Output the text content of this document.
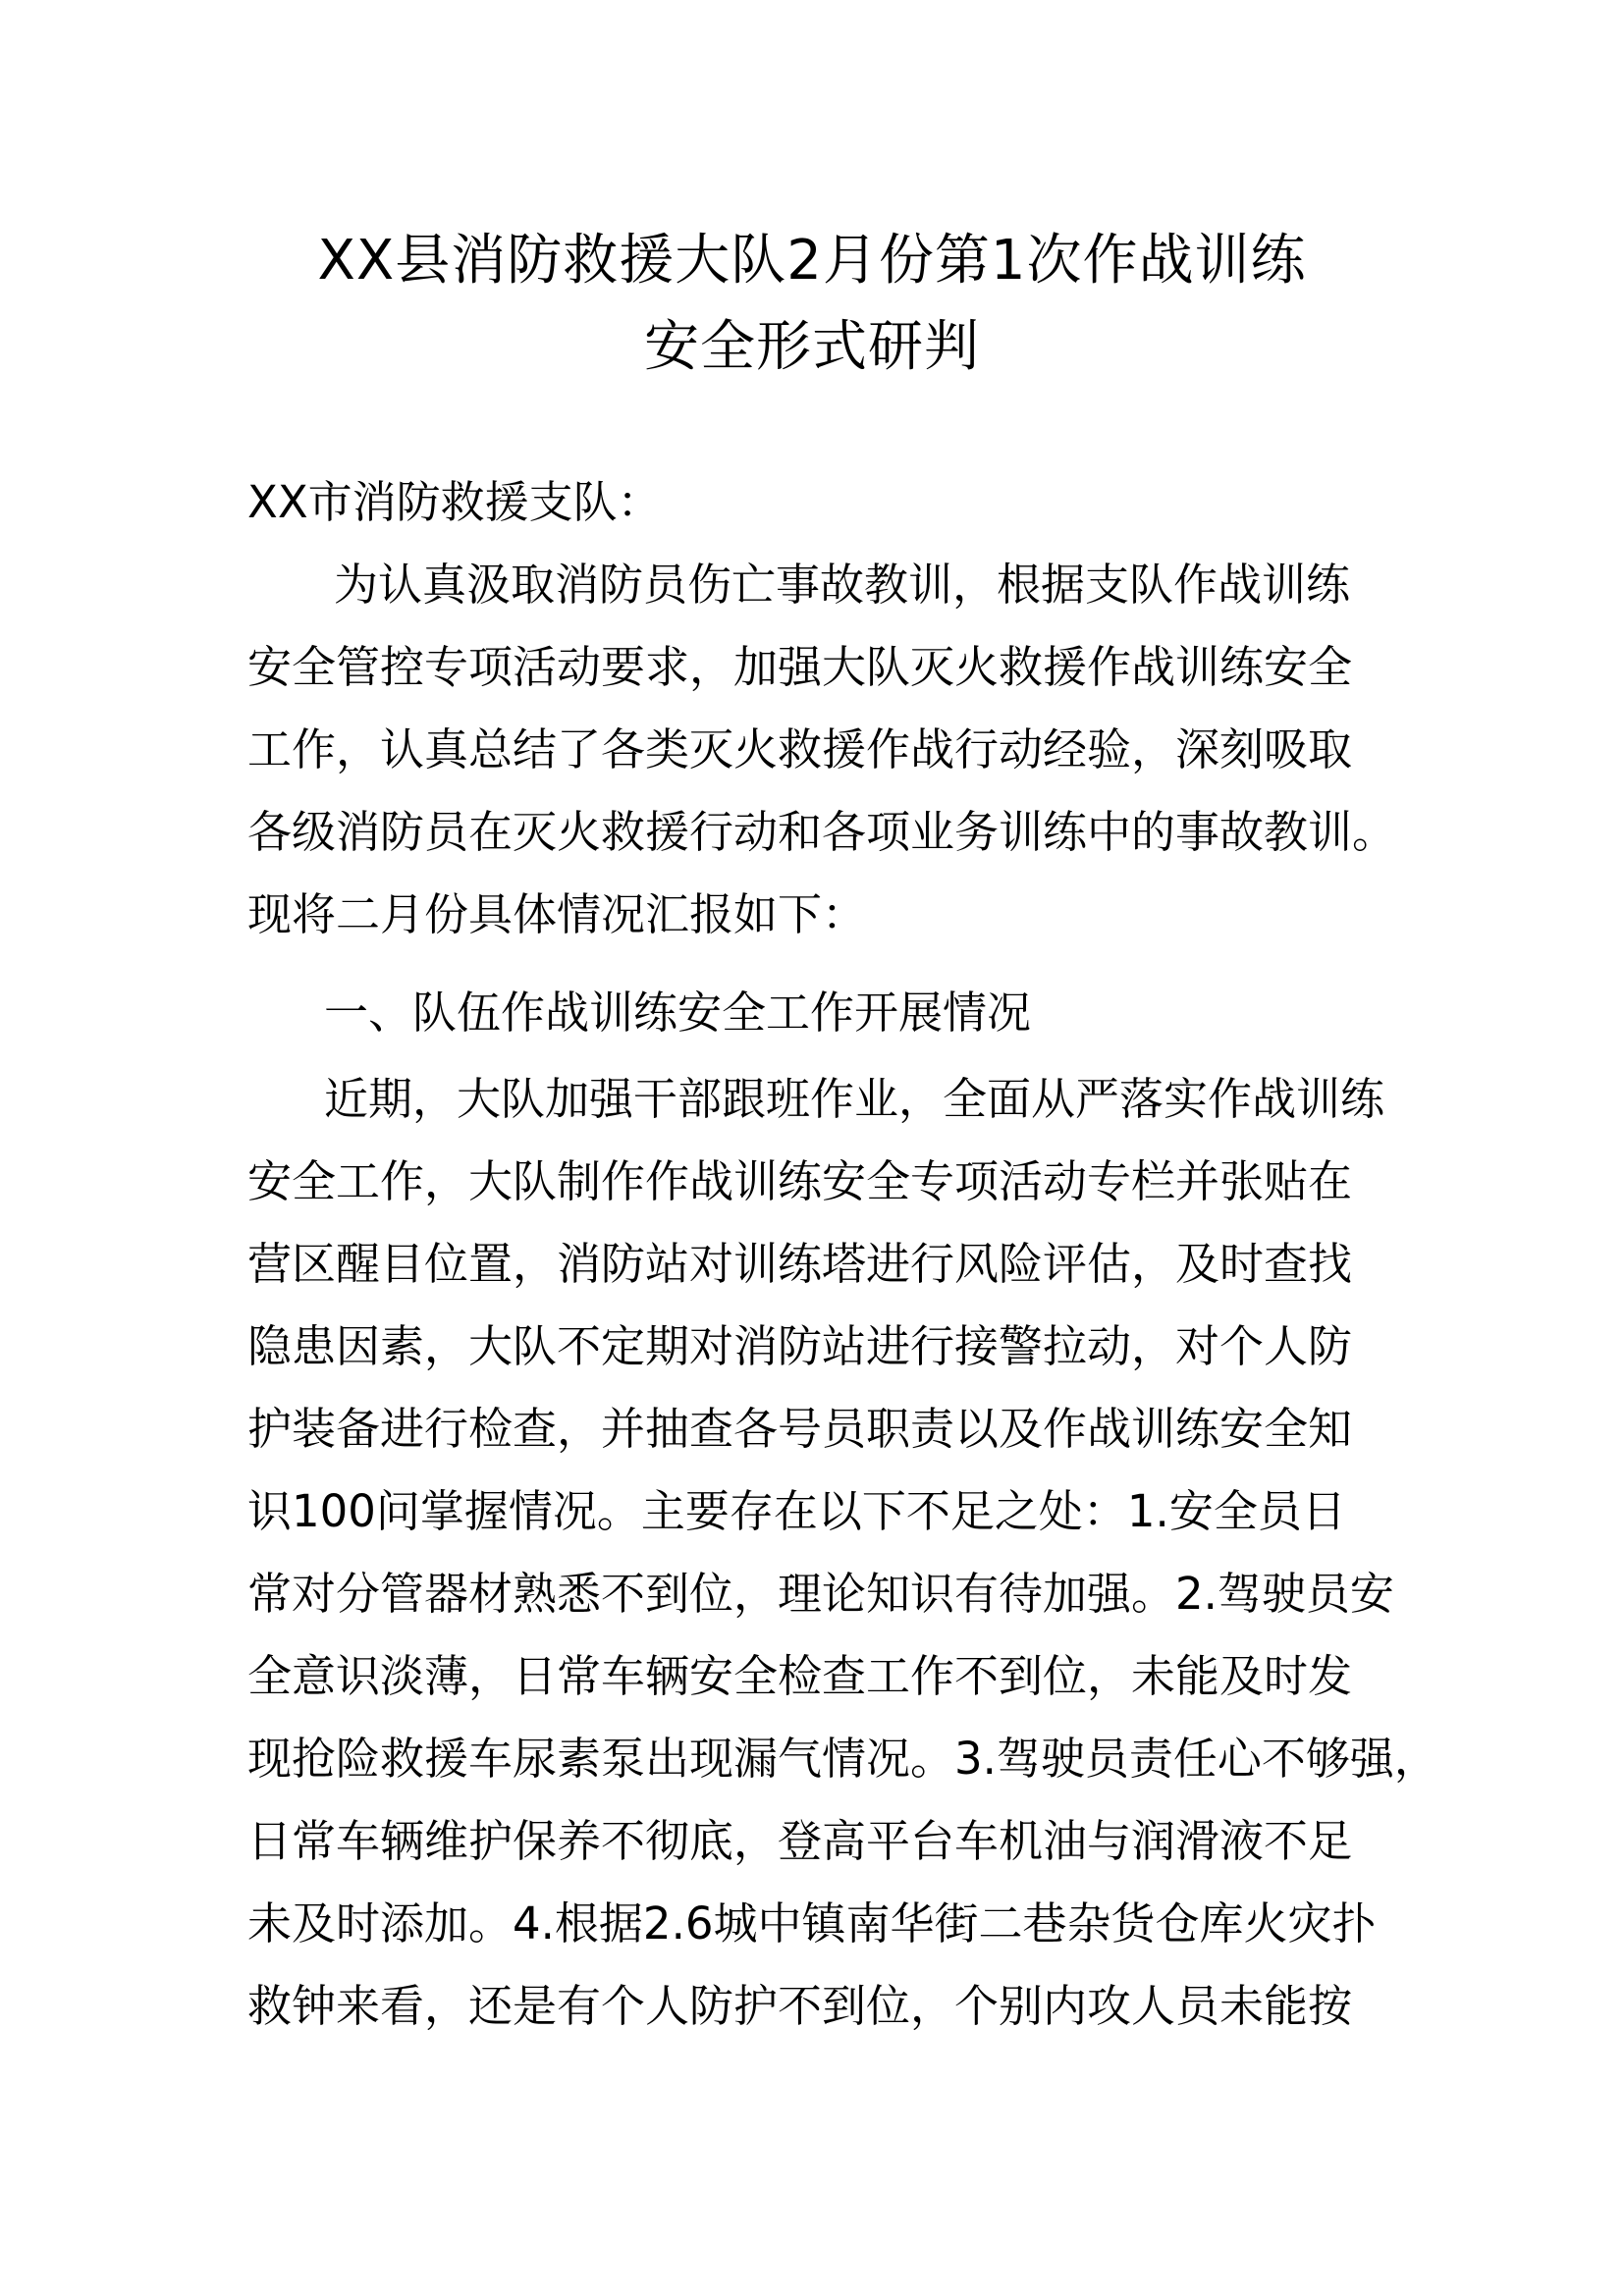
XX县消防救援大队2月份第1次作战训练
安全形式研判

XX市消防救援支队：

为认真汲取消防员伤亡事故教训，根据支队作战训练

安全管控专项活动要求，加强大队灭火救援作战训练安全

工作，认真总结了各类灭火救援作战行动经验，深刻吸取

各级消防员在灭火救援行动和各项业务训练中的事故教训。

现将二月份具体情况汇报如下：

一、队伍作战训练安全工作开展情况

近期，大队加强干部跟班作业，全面从严落实作战训练

安全工作，大队制作作战训练安全专项活动专栏并张贴在

营区醒目位置，消防站对训练塔进行风险评估，及时查找

隐患因素，大队不定期对消防站进行接警拉动，对个人防

护装备进行检查，并抽查各号员职责以及作战训练安全知

识100问掌握情况。主要存在以下不足之处：1.安全员日

常对分管器材熟悉不到位，理论知识有待加强。2.驾驶员安

全意识淡薄，日常车辆安全检查工作不到位，未能及时发

现抢险救援车尿素泵出现漏气情况。3.驾驶员责任心不够强，

日常车辆维护保养不彻底，登高平台车机油与润滑液不足

未及时添加。4.根据2.6城中镇南华街二巷杂货仓库火灾扑

救钟来看，还是有个人防护不到位，个别内攻人员未能按
